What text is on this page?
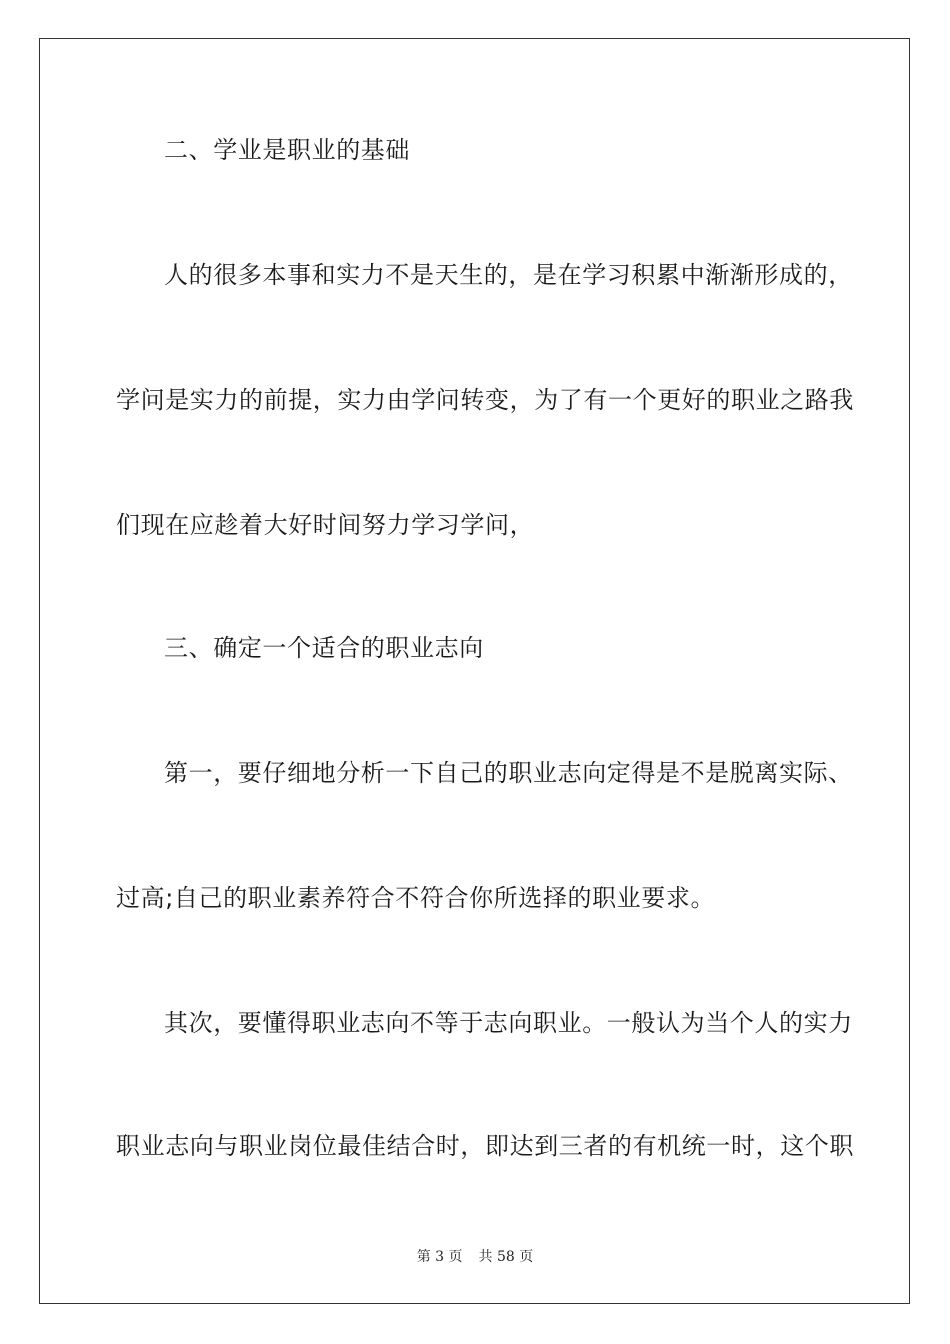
二、学业是职业的基础
人的很多本事和实力不是天生的，是在学习积累中渐渐形成的，
学问是实力的前提，实力由学问转变，为了有一个更好的职业之路我
们现在应趁着大好时间努力学习学问，
三、确定一个适合的职业志向
第一，要仔细地分析一下自己的职业志向定得是不是脱离实际、
过高;自己的职业素养符合不符合你所选择的职业要求。
其次，要懂得职业志向不等于志向职业。一般认为当个人的实力
职业志向与职业岗位最佳结合时，即达到三者的有机统一时，这个职
第 3 页 共 58 页
